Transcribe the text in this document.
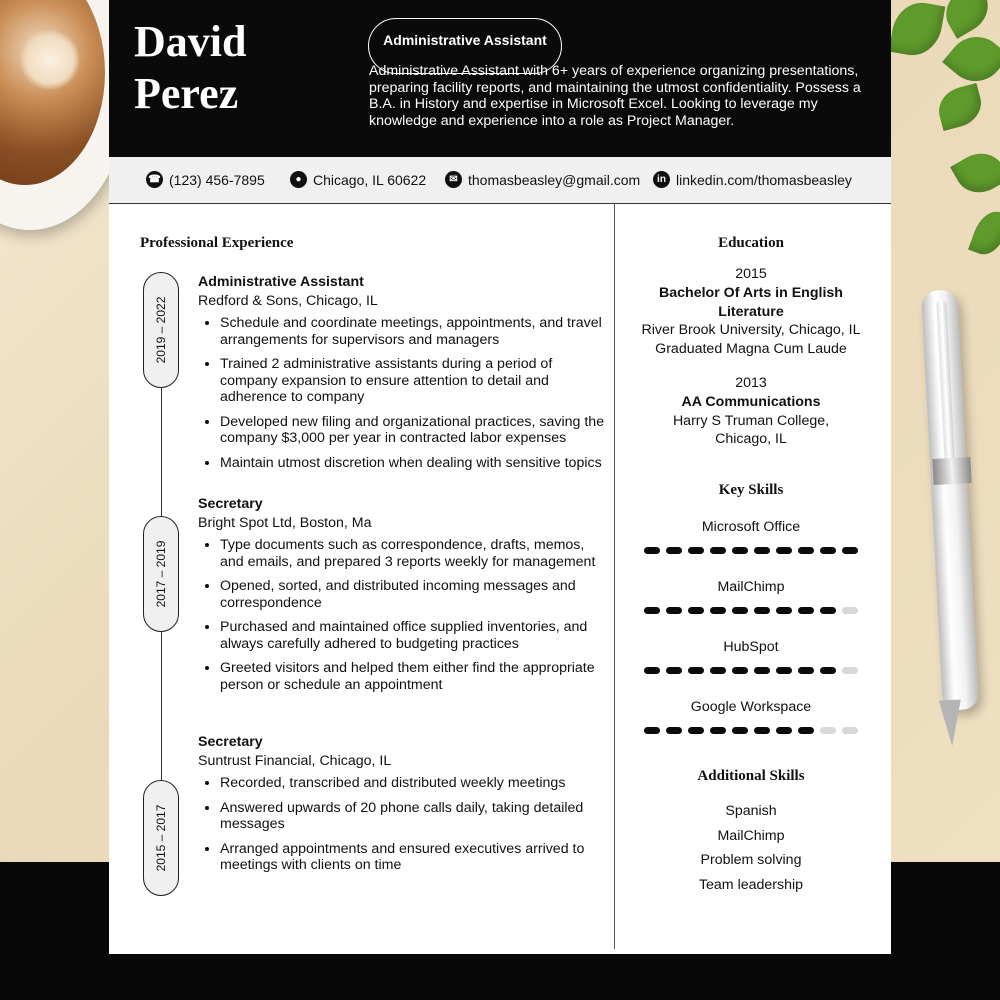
David
Perez
Administrative Assistant
Administrative Assistant with 6+ years of experience organizing presentations, preparing facility reports, and maintaining the utmost confidentiality. Possess a B.A. in History and expertise in Microsoft Excel. Looking to leverage my knowledge and experience into a role as Project Manager.
☎ (123) 456-7895	● Chicago, IL 60622	✉ thomasbeasley@gmail.com	in linkedin.com/thomasbeasley
Professional Experience
2019 – 2022
2017 – 2019
2015 – 2017
Administrative Assistant
Redford & Sons, Chicago, IL
• Schedule and coordinate meetings, appointments, and travel arrangements for supervisors and managers
• Trained 2 administrative assistants during a period of company expansion to ensure attention to detail and adherence to company
• Developed new filing and organizational practices, saving the company $3,000 per year in contracted labor expenses
• Maintain utmost discretion when dealing with sensitive topics
Secretary
Bright Spot Ltd, Boston, Ma
• Type documents such as correspondence, drafts, memos, and emails, and prepared 3 reports weekly for management
• Opened, sorted, and distributed incoming messages and correspondence
• Purchased and maintained office supplied inventories, and always carefully adhered to budgeting practices
• Greeted visitors and helped them either find the appropriate person or schedule an appointment
Secretary
Suntrust Financial, Chicago, IL
• Recorded, transcribed and distributed weekly meetings
• Answered upwards of 20 phone calls daily, taking detailed messages
• Arranged appointments and ensured executives arrived to meetings with clients on time
Education
2015
Bachelor Of Arts in English Literature
River Brook University, Chicago, IL
Graduated Magna Cum Laude
2013
AA Communications
Harry S Truman College, Chicago, IL
Key Skills
Microsoft Office
MailChimp
HubSpot
Google Workspace
Additional Skills
Spanish
MailChimp
Problem solving
Team leadership
